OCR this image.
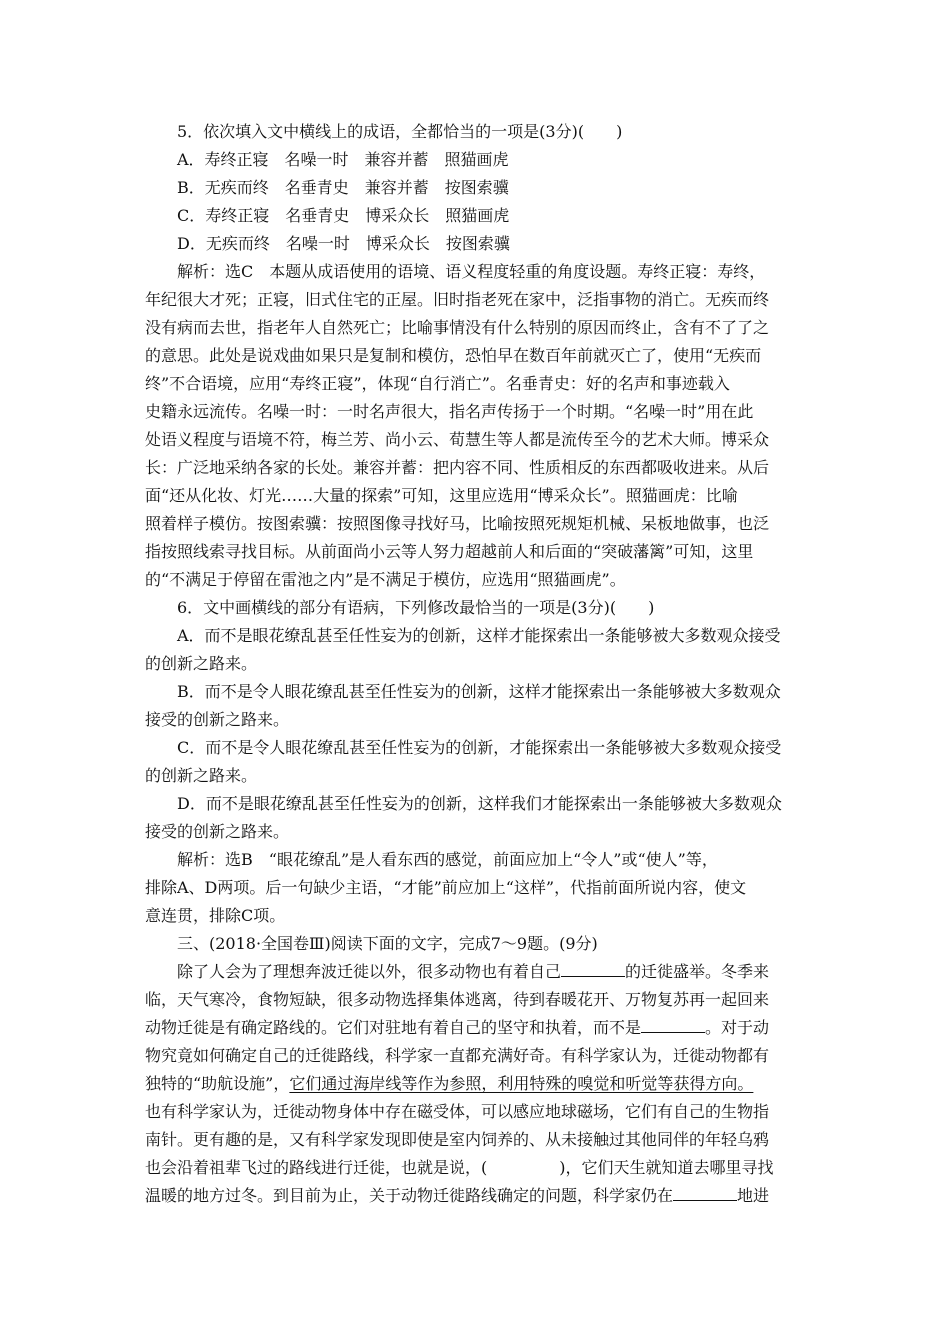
5．依次填入文中横线上的成语，全都恰当的一项是(3分)(　　)
A．寿终正寝　名噪一时　兼容并蓄　照猫画虎
B．无疾而终　名垂青史　兼容并蓄　按图索骥
C．寿终正寝　名垂青史　博采众长　照猫画虎
D．无疾而终　名噪一时　博采众长　按图索骥
解析：选C　本题从成语使用的语境、语义程度轻重的角度设题。寿终正寝：寿终，
年纪很大才死；正寝，旧式住宅的正屋。旧时指老死在家中，泛指事物的消亡。无疾而终
没有病而去世，指老年人自然死亡；比喻事情没有什么特别的原因而终止，含有不了了之
的意思。此处是说戏曲如果只是复制和模仿，恐怕早在数百年前就灭亡了，使用“无疾而
终”不合语境，应用“寿终正寝”，体现“自行消亡”。名垂青史：好的名声和事迹载入
史籍永远流传。名噪一时：一时名声很大，指名声传扬于一个时期。“名噪一时”用在此
处语义程度与语境不符，梅兰芳、尚小云、荀慧生等人都是流传至今的艺术大师。博采众
长：广泛地采纳各家的长处。兼容并蓄：把内容不同、性质相反的东西都吸收进来。从后
面“还从化妆、灯光……大量的探索”可知，这里应选用“博采众长”。照猫画虎：比喻
照着样子模仿。按图索骥：按照图像寻找好马，比喻按照死规矩机械、呆板地做事，也泛
指按照线索寻找目标。从前面尚小云等人努力超越前人和后面的“突破藩篱”可知，这里
的“不满足于停留在雷池之内”是不满足于模仿，应选用“照猫画虎”。
6．文中画横线的部分有语病，下列修改最恰当的一项是(3分)(　　)
A．而不是眼花缭乱甚至任性妄为的创新，这样才能探索出一条能够被大多数观众接受
的创新之路来。
B．而不是令人眼花缭乱甚至任性妄为的创新，这样才能探索出一条能够被大多数观众
接受的创新之路来。
C．而不是令人眼花缭乱甚至任性妄为的创新，才能探索出一条能够被大多数观众接受
的创新之路来。
D．而不是眼花缭乱甚至任性妄为的创新，这样我们才能探索出一条能够被大多数观众
接受的创新之路来。
解析：选B　“眼花缭乱”是人看东西的感觉，前面应加上“令人”或“使人”等，
排除A、D两项。后一句缺少主语，“才能”前应加上“这样”，代指前面所说内容，使文
意连贯，排除C项。
三、(2018·全国卷Ⅲ)阅读下面的文字，完成7～9题。(9分)
除了人会为了理想奔波迁徙以外，很多动物也有着自己	的迁徙盛举。冬季来
临，天气寒冷，食物短缺，很多动物选择集体逃离，待到春暖花开、万物复苏再一起回来
动物迁徙是有确定路线的。它们对驻地有着自己的坚守和执着，而不是	。对于动
物究竟如何确定自己的迁徙路线，科学家一直都充满好奇。有科学家认为，迁徙动物都有
独特的“助航设施”，它们通过海岸线等作为参照，利用特殊的嗅觉和听觉等获得方向。
也有科学家认为，迁徙动物身体中存在磁受体，可以感应地球磁场，它们有自己的生物指
南针。更有趣的是，又有科学家发现即使是室内饲养的、从未接触过其他同伴的年轻乌鸦
也会沿着祖辈飞过的路线进行迁徙，也就是说，(	)，它们天生就知道去哪里寻找
温暖的地方过冬。到目前为止，关于动物迁徙路线确定的问题，科学家仍在	地进
